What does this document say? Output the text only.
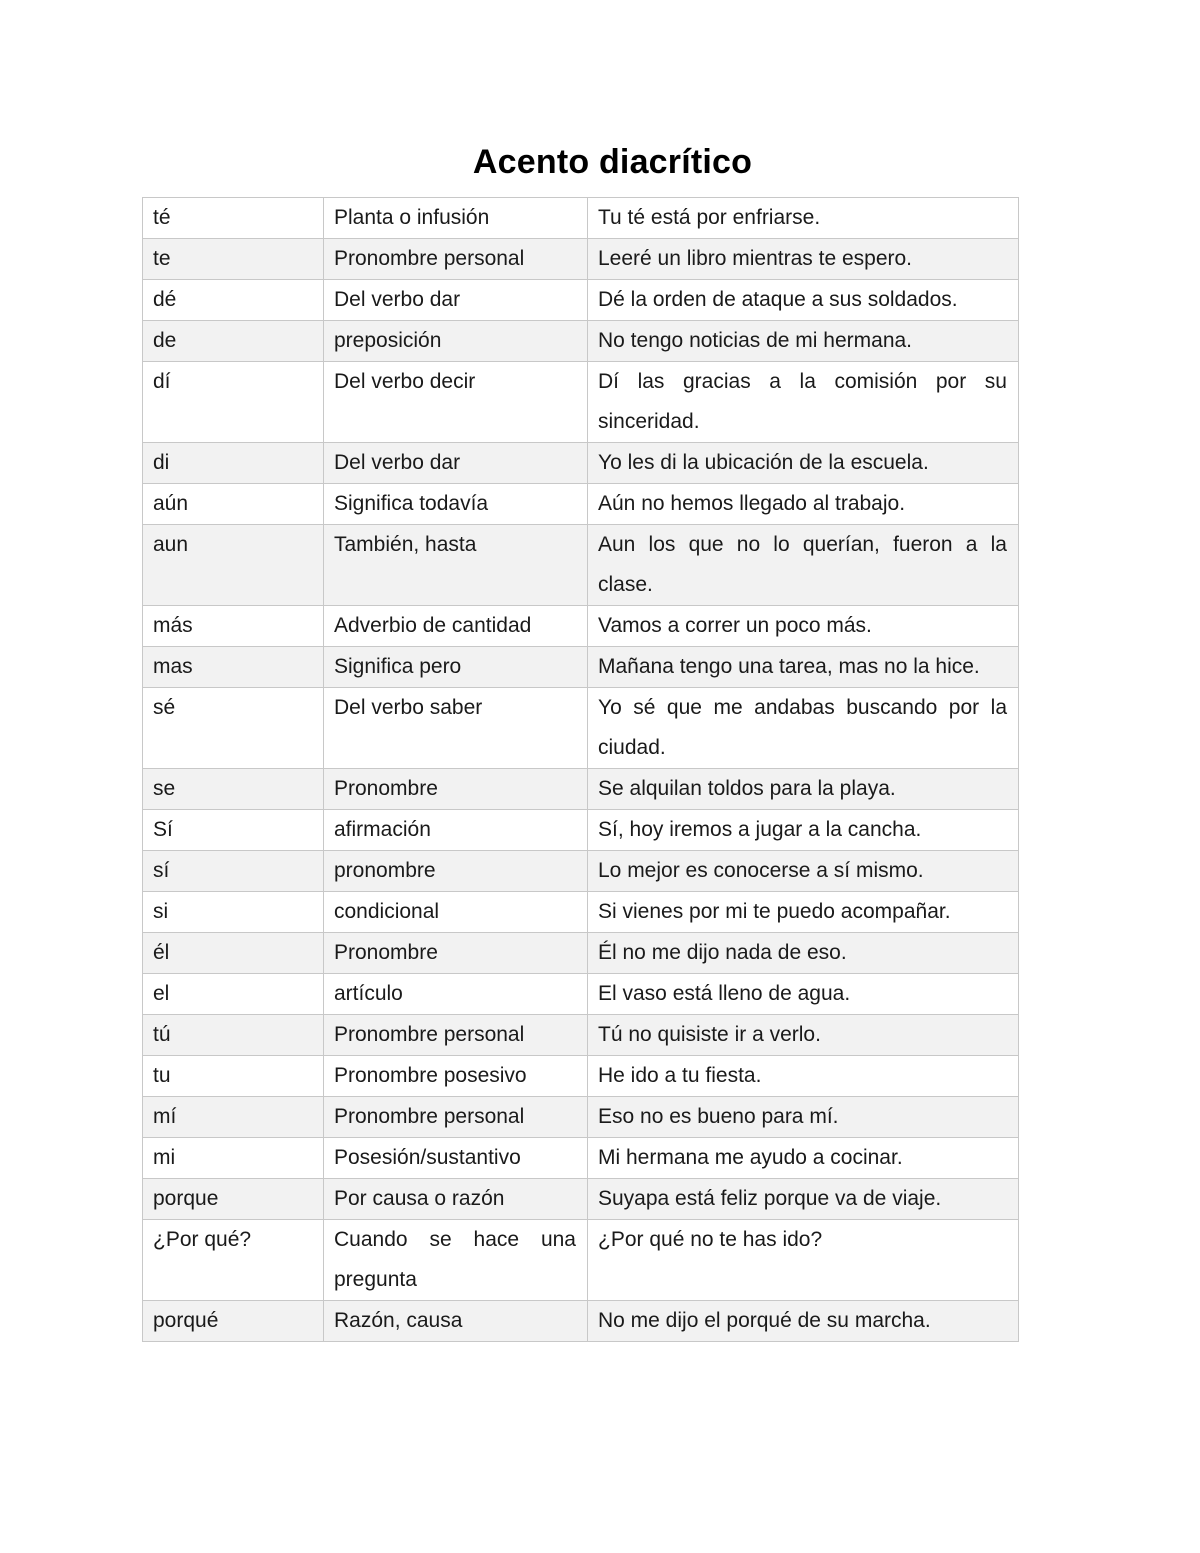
Acento diacrítico
té	Planta o infusión	Tu té está por enfriarse.
te	Pronombre personal	Leeré un libro mientras te espero.
dé	Del verbo dar	Dé la orden de ataque a sus soldados.
de	preposición	No tengo noticias de mi hermana.
dí	Del verbo decir	Dí las gracias a la comisión por su sinceridad.
di	Del verbo dar	Yo les di la ubicación de la escuela.
aún	Significa todavía	Aún no hemos llegado al trabajo.
aun	También, hasta	Aun los que no lo querían, fueron a la clase.
más	Adverbio de cantidad	Vamos a correr un poco más.
mas	Significa pero	Mañana tengo una tarea, mas no la hice.
sé	Del verbo saber	Yo sé que me andabas buscando por la ciudad.
se	Pronombre	Se alquilan toldos para la playa.
Sí	afirmación	Sí, hoy iremos a jugar a la cancha.
sí	pronombre	Lo mejor es conocerse a sí mismo.
si	condicional	Si vienes por mi te puedo acompañar.
él	Pronombre	Él no me dijo nada de eso.
el	artículo	El vaso está lleno de agua.
tú	Pronombre personal	Tú no quisiste ir a verlo.
tu	Pronombre posesivo	He ido a tu fiesta.
mí	Pronombre personal	Eso no es bueno para mí.
mi	Posesión/sustantivo	Mi hermana me ayudo a cocinar.
porque	Por causa o razón	Suyapa está feliz porque va de viaje.
¿Por qué?	Cuando se hace una pregunta	¿Por qué no te has ido?
porqué	Razón, causa	No me dijo el porqué de su marcha.
